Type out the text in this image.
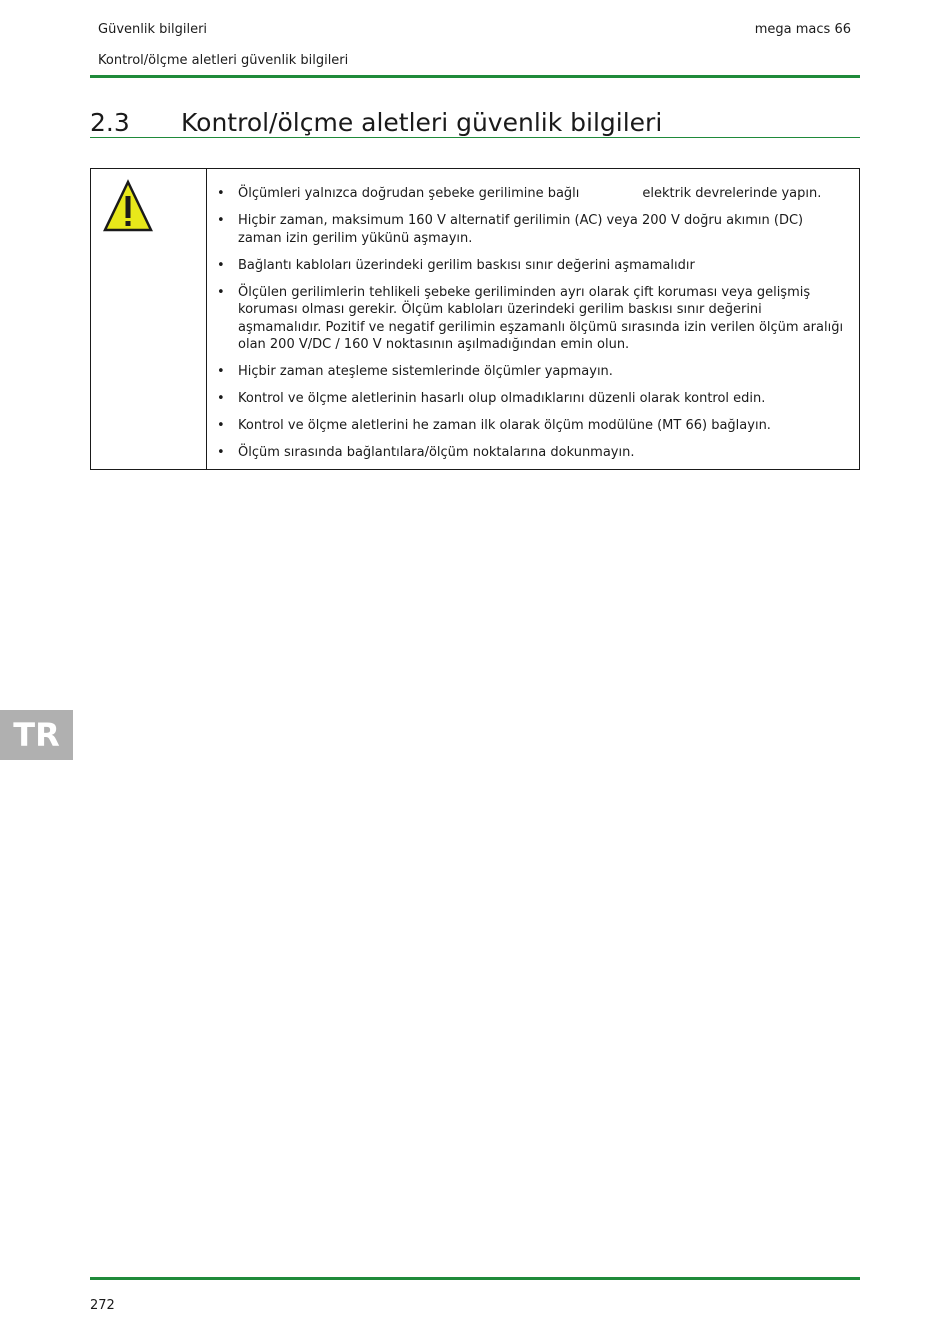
Güvenlik bilgileri	mega macs 66
Kontrol/ölçme aletleri güvenlik bilgileri
2.3 Kontrol/ölçme aletleri güvenlik bilgileri
• Ölçümleri yalnızca doğrudan şebeke gerilimine bağlı	elektrik devrelerinde yapın.
• Hiçbir zaman, maksimum 160 V alternatif gerilimin (AC) veya 200 V doğru akımın (DC) zaman izin gerilim yükünü aşmayın.
• Bağlantı kabloları üzerindeki gerilim baskısı sınır değerini aşmamalıdır
• Ölçülen gerilimlerin tehlikeli şebeke geriliminden ayrı olarak çift koruması veya gelişmiş koruması olması gerekir. Ölçüm kabloları üzerindeki gerilim baskısı sınır değerini aşmamalıdır. Pozitif ve negatif gerilimin eşzamanlı ölçümü sırasında izin verilen ölçüm aralığı olan 200 V/DC / 160 V noktasının aşılmadığından emin olun.
• Hiçbir zaman ateşleme sistemlerinde ölçümler yapmayın.
• Kontrol ve ölçme aletlerinin hasarlı olup olmadıklarını düzenli olarak kontrol edin.
• Kontrol ve ölçme aletlerini he zaman ilk olarak ölçüm modülüne (MT 66) bağlayın.
• Ölçüm sırasında bağlantılara/ölçüm noktalarına dokunmayın.
TR
272
